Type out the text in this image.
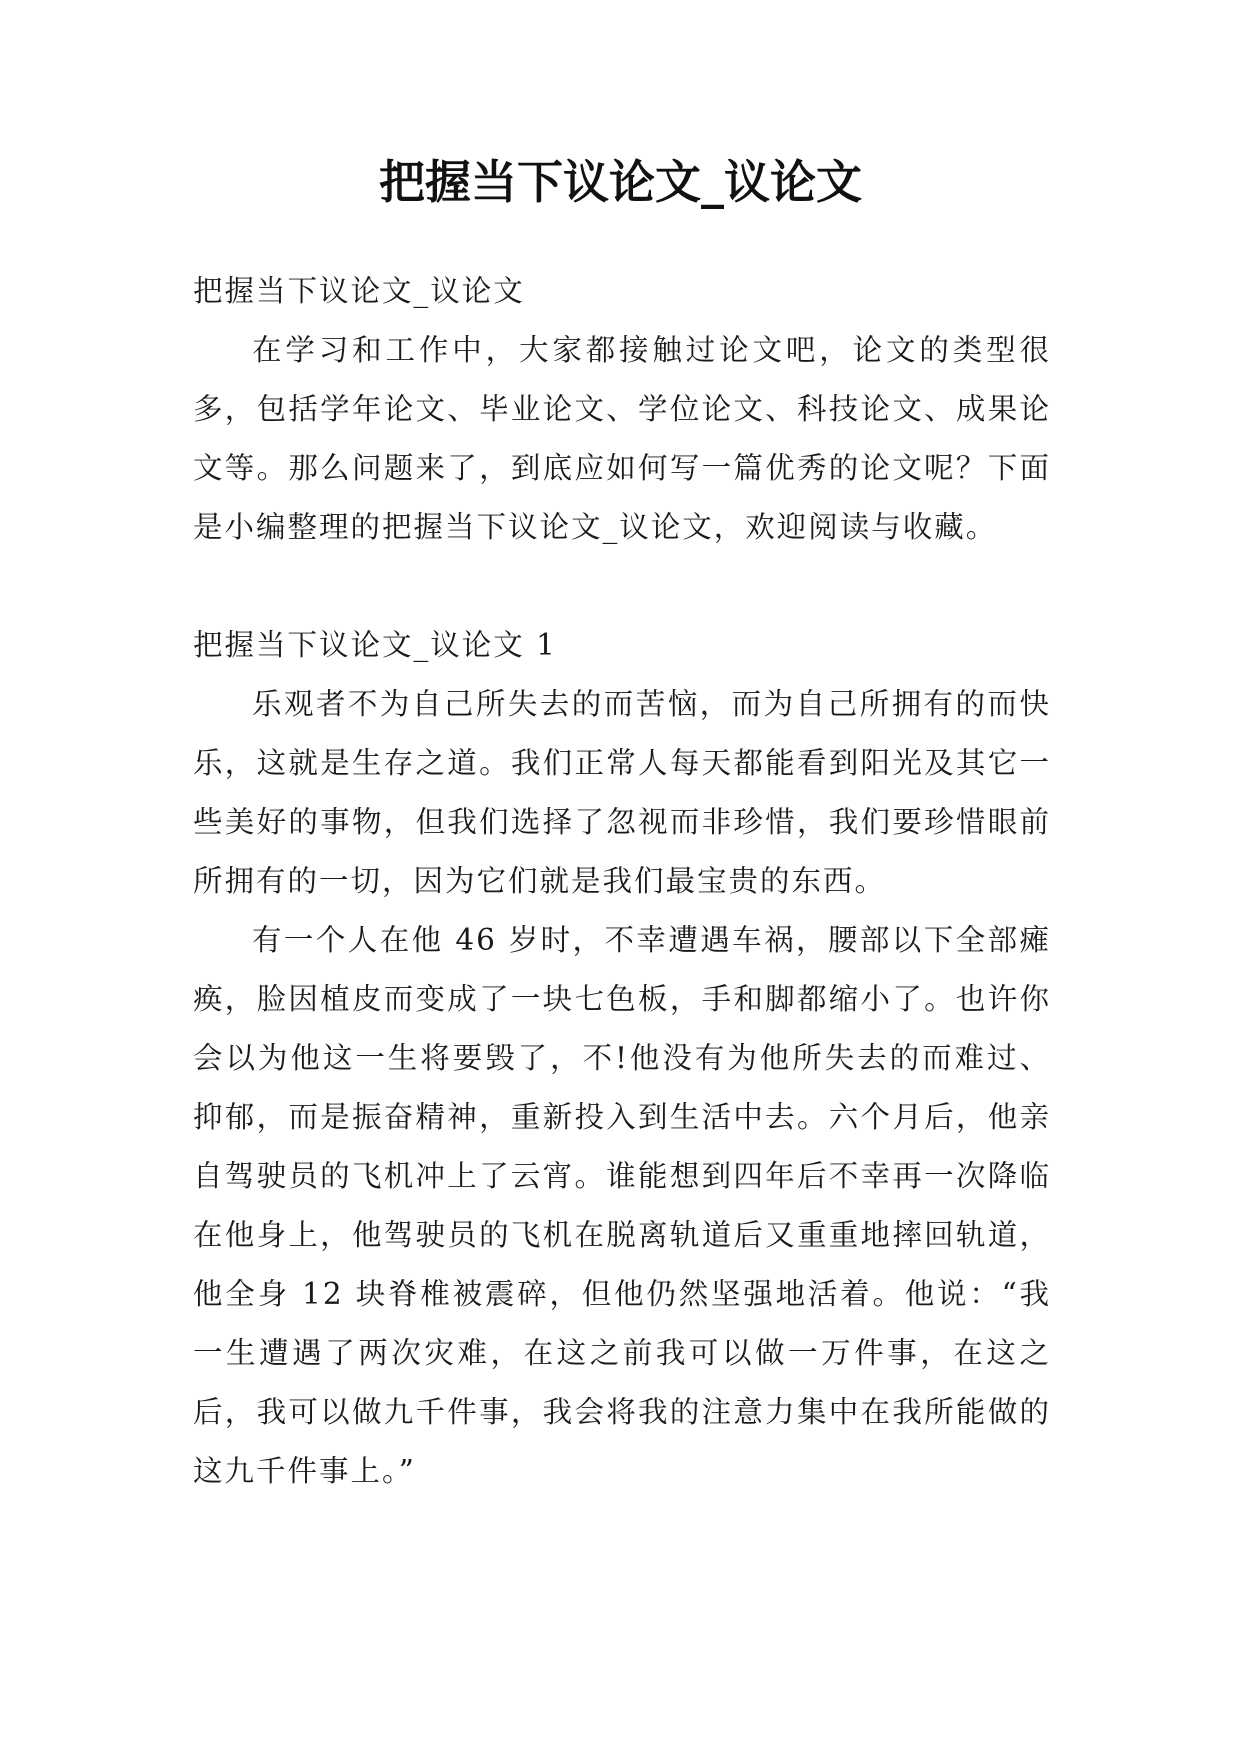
把握当下议论文_议论文

把握当下议论文_议论文

在学习和工作中，大家都接触过论文吧，论文的类型很多，包括学年论文、毕业论文、学位论文、科技论文、成果论文等。那么问题来了，到底应如何写一篇优秀的论文呢？下面是小编整理的把握当下议论文_议论文，欢迎阅读与收藏。

把握当下议论文_议论文 1

乐观者不为自己所失去的而苦恼，而为自己所拥有的而快乐，这就是生存之道。我们正常人每天都能看到阳光及其它一些美好的事物，但我们选择了忽视而非珍惜，我们要珍惜眼前所拥有的一切，因为它们就是我们最宝贵的东西。

有一个人在他 46 岁时，不幸遭遇车祸，腰部以下全部瘫痪，脸因植皮而变成了一块七色板，手和脚都缩小了。也许你会以为他这一生将要毁了，不!他没有为他所失去的而难过、抑郁，而是振奋精神，重新投入到生活中去。六个月后，他亲自驾驶员的飞机冲上了云宵。谁能想到四年后不幸再一次降临在他身上，他驾驶员的飞机在脱离轨道后又重重地摔回轨道，他全身 12 块脊椎被震碎，但他仍然坚强地活着。他说：“我一生遭遇了两次灾难，在这之前我可以做一万件事，在这之后，我可以做九千件事，我会将我的注意力集中在我所能做的这九千件事上。”
